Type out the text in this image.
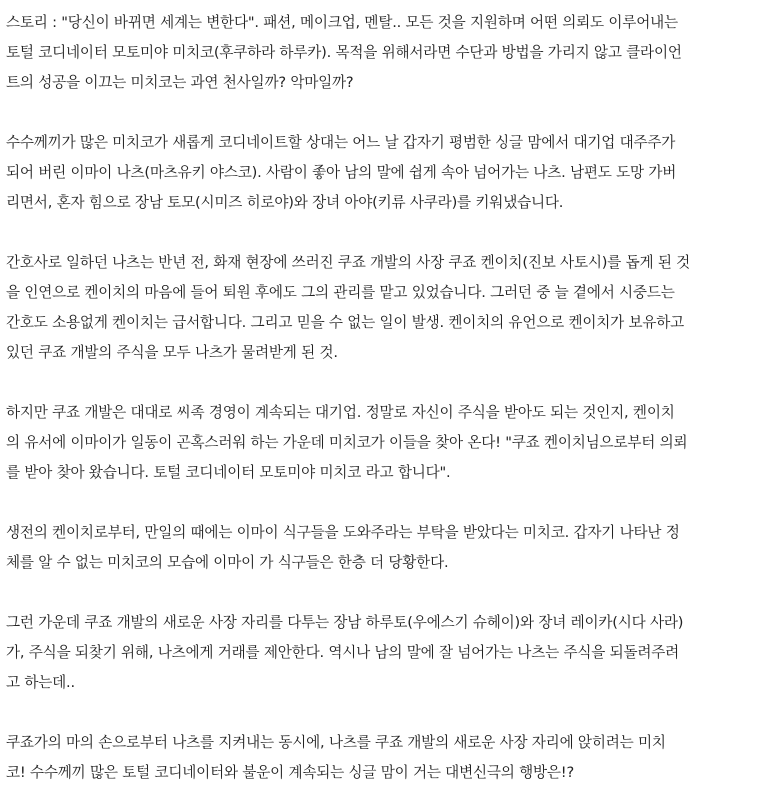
스토리 : "당신이 바뀌면 세계는 변한다". 패션, 메이크업, 멘탈.. 모든 것을 지원하며 어떤 의뢰도 이루어내는
토털 코디네이터 모토미야 미치코(후쿠하라 하루카). 목적을 위해서라면 수단과 방법을 가리지 않고 클라이언
트의 성공을 이끄는 미치코는 과연 천사일까? 악마일까?

수수께끼가 많은 미치코가 새롭게 코디네이트할 상대는 어느 날 갑자기 평범한 싱글 맘에서 대기업 대주주가
되어 버린 이마이 나츠(마츠유키 야스코). 사람이 좋아 남의 말에 쉽게 속아 넘어가는 나츠. 남편도 도망 가버
리면서, 혼자 힘으로 장남 토모(시미즈 히로야)와 장녀 아야(키류 사쿠라)를 키워냈습니다.

간호사로 일하던 나츠는 반년 전, 화재 현장에 쓰러진 쿠죠 개발의 사장 쿠죠 켄이치(진보 사토시)를 돕게 된 것
을 인연으로 켄이치의 마음에 들어 퇴원 후에도 그의 관리를 맡고 있었습니다. 그러던 중 늘 곁에서 시중드는
간호도 소용없게 켄이치는 급서합니다. 그리고 믿을 수 없는 일이 발생. 켄이치의 유언으로 켄이치가 보유하고
있던 쿠죠 개발의 주식을 모두 나츠가 물려받게 된 것.

하지만 쿠죠 개발은 대대로 씨족 경영이 계속되는 대기업. 정말로 자신이 주식을 받아도 되는 것인지, 켄이치
의 유서에 이마이가 일동이 곤혹스러워 하는 가운데 미치코가 이들을 찾아 온다! "쿠죠 켄이치님으로부터 의뢰
를 받아 찾아 왔습니다. 토털 코디네이터 모토미야 미치코 라고 합니다".

생전의 켄이치로부터, 만일의 때에는 이마이 식구들을 도와주라는 부탁을 받았다는 미치코. 갑자기 나타난 정
체를 알 수 없는 미치코의 모습에 이마이 가 식구들은 한층 더 당황한다.

그런 가운데 쿠죠 개발의 새로운 사장 자리를 다투는 장남 하루토(우에스기 슈헤이)와 장녀 레이카(시다 사라)
가, 주식을 되찾기 위해, 나츠에게 거래를 제안한다. 역시나 남의 말에 잘 넘어가는 나츠는 주식을 되돌려주려
고 하는데..

쿠죠가의 마의 손으로부터 나츠를 지켜내는 동시에, 나츠를 쿠죠 개발의 새로운 사장 자리에 앉히려는 미치
코! 수수께끼 많은 토털 코디네이터와 불운이 계속되는 싱글 맘이 거는 대변신극의 행방은!?
